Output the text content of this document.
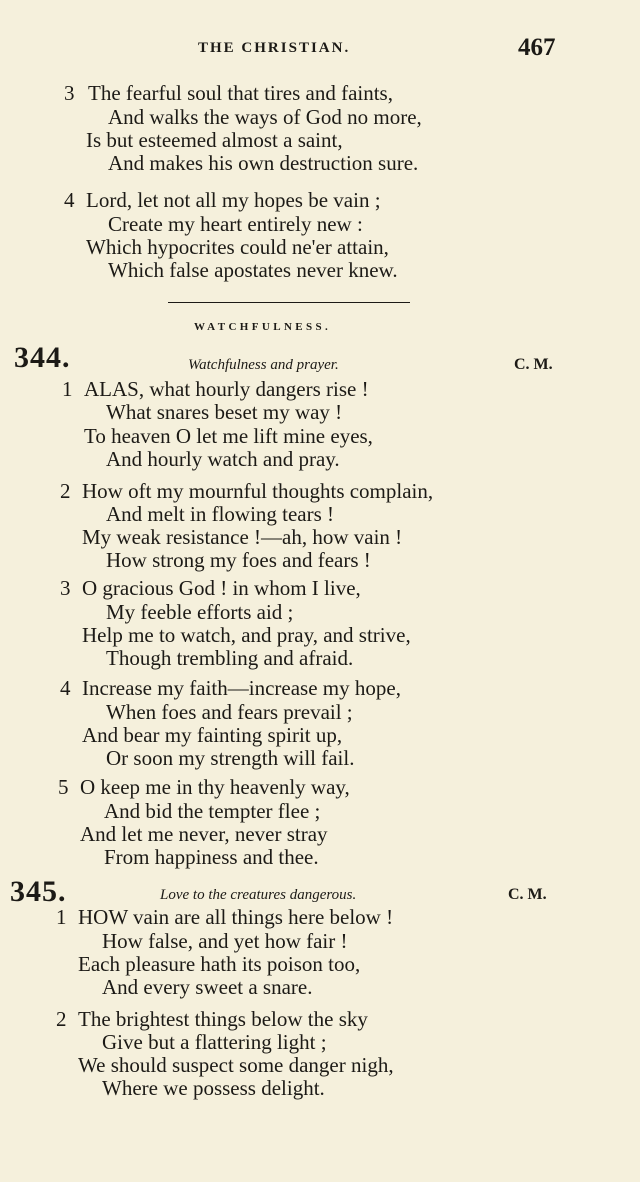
THE CHRISTIAN.	467
3 The fearful soul that tires and faints,
And walks the ways of God no more,
Is but esteemed almost a saint,
And makes his own destruction sure.
4 Lord, let not all my hopes be vain ;
Create my heart entirely new :
Which hypocrites could ne'er attain,
Which false apostates never knew.
WATCHFULNESS.
344.	Watchfulness and prayer.	C. M.
1 ALAS, what hourly dangers rise !
What snares beset my way !
To heaven O let me lift mine eyes,
And hourly watch and pray.
2 How oft my mournful thoughts complain,
And melt in flowing tears !
My weak resistance !—ah, how vain !
How strong my foes and fears !
3 O gracious God ! in whom I live,
My feeble efforts aid ;
Help me to watch, and pray, and strive,
Though trembling and afraid.
4 Increase my faith—increase my hope,
When foes and fears prevail ;
And bear my fainting spirit up,
Or soon my strength will fail.
5 O keep me in thy heavenly way,
And bid the tempter flee ;
And let me never, never stray
From happiness and thee.
345.	Love to the creatures dangerous.	C. M.
1 HOW vain are all things here below !
How false, and yet how fair !
Each pleasure hath its poison too,
And every sweet a snare.
2 The brightest things below the sky
Give but a flattering light ;
We should suspect some danger nigh,
Where we possess delight.
